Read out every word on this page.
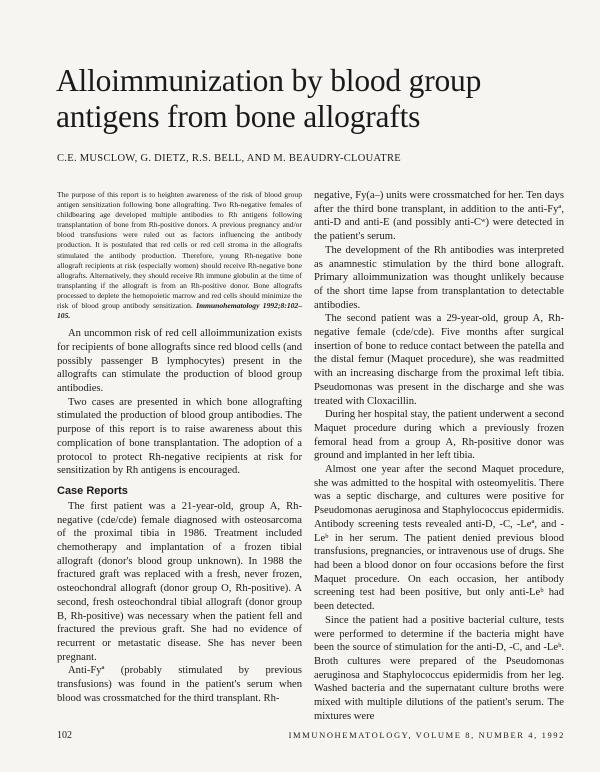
Alloimmunization by blood group antigens from bone allografts
C.E. MUSCLOW, G. DIETZ, R.S. BELL, AND M. BEAUDRY-CLOUATRE

The purpose of this report is to heighten awareness of the risk of blood group antigen sensitization following bone allografting. Two Rh-negative females of childbearing age developed multiple antibodies to Rh antigens following transplantation of bone from Rh-positive donors. A previous pregnancy and/or blood transfusions were ruled out as factors influencing the antibody production. It is postulated that red cells or red cell stroma in the allografts stimulated the antibody production. Therefore, young Rh-negative bone allograft recipients at risk (especially women) should receive Rh-negative bone allografts. Alternatively, they should receive Rh immune globulin at the time of transplanting if the allograft is from an Rh-positive donor. Bone allografts processed to deplete the hemopoietic marrow and red cells should minimize the risk of blood group antibody sensitization. Immunohematology 1992;8:102–105.

An uncommon risk of red cell alloimmunization exists for recipients of bone allografts since red blood cells (and possibly passenger B lymphocytes) present in the allografts can stimulate the production of blood group antibodies.

Two cases are presented in which bone allografting stimulated the production of blood group antibodies. The purpose of this report is to raise awareness about this complication of bone transplantation. The adoption of a protocol to protect Rh-negative recipients at risk for sensitization by Rh antigens is encouraged.

Case Reports

The first patient was a 21-year-old, group A, Rh-negative (cde/cde) female diagnosed with osteosarcoma of the proximal tibia in 1986. Treatment included chemotherapy and implantation of a frozen tibial allograft (donor's blood group unknown). In 1988 the fractured graft was replaced with a fresh, never frozen, osteochondral allograft (donor group O, Rh-positive). A second, fresh osteochondral tibial allograft (donor group B, Rh-positive) was necessary when the patient fell and fractured the previous graft. She had no evidence of recurrent or metastatic disease. She has never been pregnant.

Anti-Fyª (probably stimulated by previous transfusions) was found in the patient's serum when blood was crossmatched for the third transplant. Rh-

negative, Fy(a–) units were crossmatched for her. Ten days after the third bone transplant, in addition to the anti-Fyª, anti-D and anti-E (and possibly anti-Cʷ) were detected in the patient's serum.

The development of the Rh antibodies was interpreted as anamnestic stimulation by the third bone allograft. Primary alloimmunization was thought unlikely because of the short time lapse from transplantation to detectable antibodies.

The second patient was a 29-year-old, group A, Rh-negative female (cde/cde). Five months after surgical insertion of bone to reduce contact between the patella and the distal femur (Maquet procedure), she was readmitted with an increasing discharge from the proximal left tibia. Pseudomonas was present in the discharge and she was treated with Cloxacillin.

During her hospital stay, the patient underwent a second Maquet procedure during which a previously frozen femoral head from a group A, Rh-positive donor was ground and implanted in her left tibia.

Almost one year after the second Maquet procedure, she was admitted to the hospital with osteomyelitis. There was a septic discharge, and cultures were positive for Pseudomonas aeruginosa and Staphylococcus epidermidis. Antibody screening tests revealed anti-D, -C, -Leª, and -Leᵇ in her serum. The patient denied previous blood transfusions, pregnancies, or intravenous use of drugs. She had been a blood donor on four occasions before the first Maquet procedure. On each occasion, her antibody screening test had been positive, but only anti-Leᵇ had been detected.

Since the patient had a positive bacterial culture, tests were performed to determine if the bacteria might have been the source of stimulation for the anti-D, -C, and -Leᵇ. Broth cultures were prepared of the Pseudomonas aeruginosa and Staphylococcus epidermidis from her leg. Washed bacteria and the supernatant culture broths were mixed with multiple dilutions of the patient's serum. The mixtures were

102	IMMUNOHEMATOLOGY, VOLUME 8, NUMBER 4, 1992
